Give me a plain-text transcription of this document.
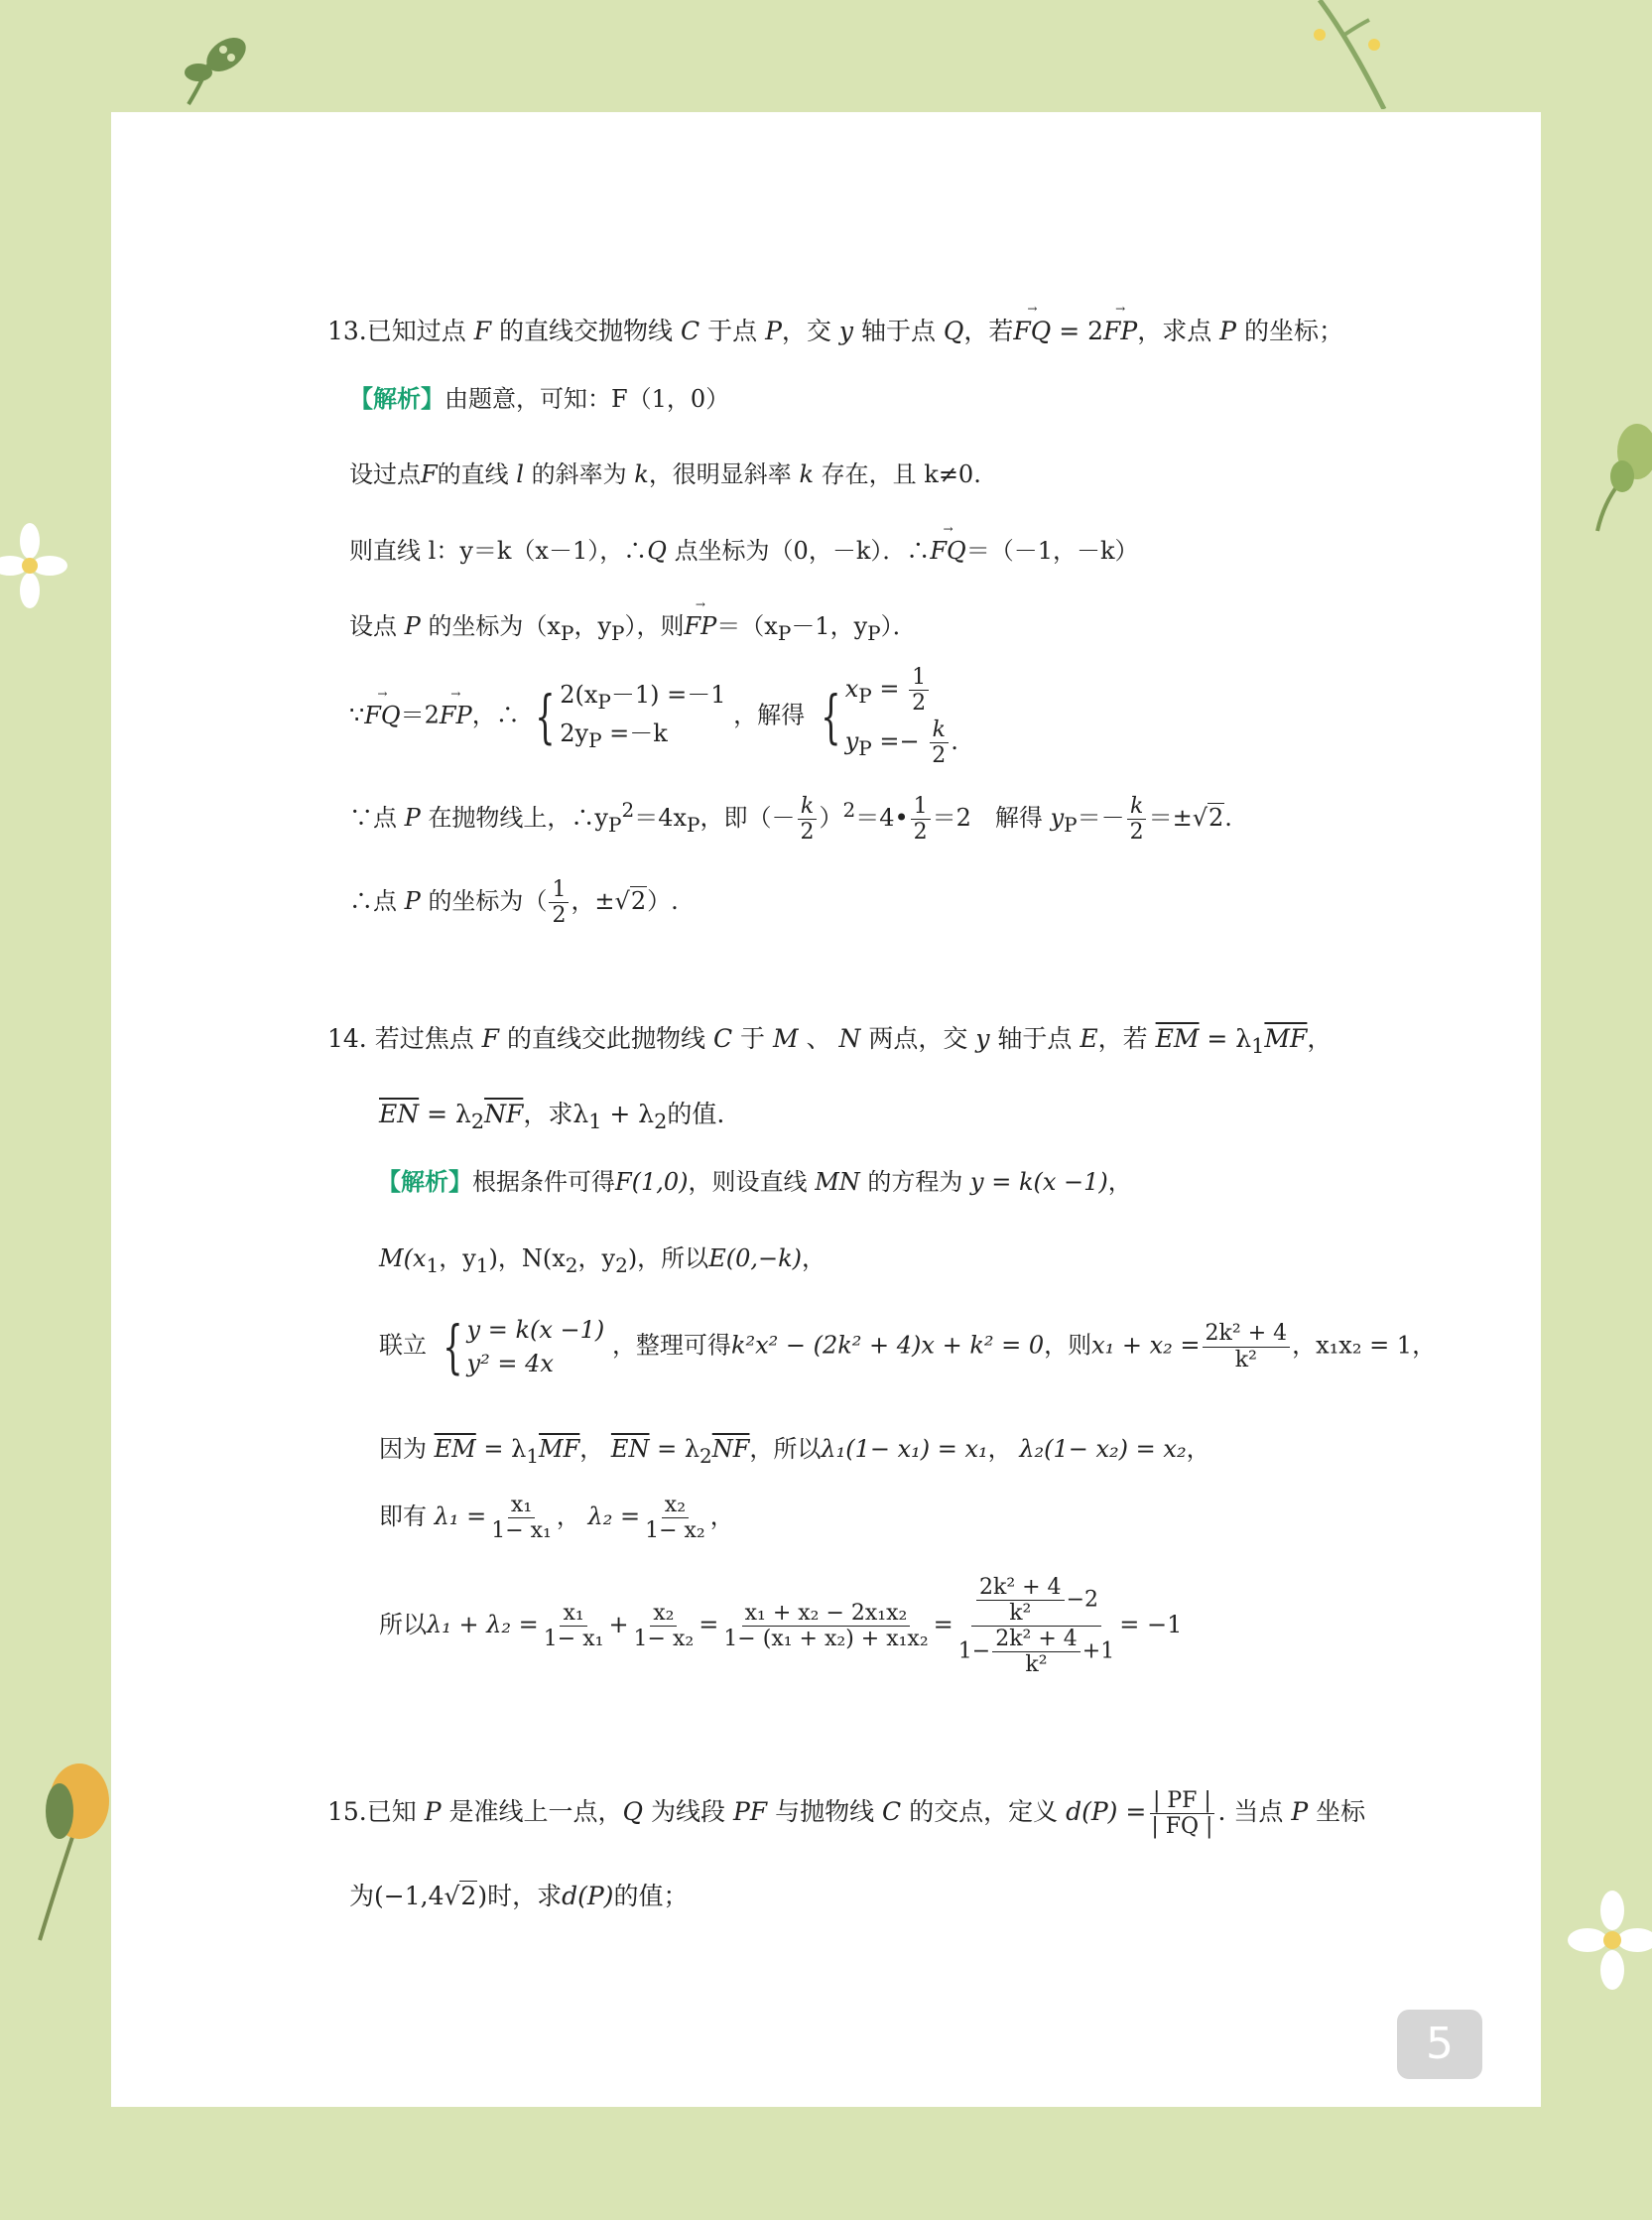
13.已知过点 F 的直线交抛物线 C 于点 P，交 y 轴于点 Q，若→ FQ = 2→ FP，求点 P 的坐标；
【解析】由题意，可知：F（1，0）
设过点F的直线 l 的斜率为 k，很明显斜率 k 存在，且 k≠0.
则直线 l：y＝k（x－1），∴Q 点坐标为（0，－k）．∴→ FQ＝（－1，－k）
设点 P 的坐标为（$x_P$，$y_P$），则→ $FP=(x_P-1$，$y_P$）．
∵→ FQ＝2→ FP，∴ { $2(x_P-1) =-1$
$2y_P =-k$
，解得 { $x_P = \frac{1}{2}$
$y_P =- \frac{k}{2}$ .
∵点 P 在抛物线上，$\therefore y_P^2=4x_P$，即（－ $\frac{k}{2}$ ）$^2$＝4• $\frac{1}{2} =2$　解得 $y_P=- \frac{k}{2} =\pm√2$.
∴点 P 的坐标为（ $\frac{1}{2}$ ，±√2）.
14. 若过焦点 F 的直线交此抛物线 C 于 M 、 N 两点，交 y 轴于点 E，若 $\overline{EM} = \lambda_1\overline{MF}$，
$\overline{EN} = \lambda_2\overline{NF}$，求$\lambda_1 + \lambda_2$的值.
【解析】根据条件可得F(1,0)，则设直线 MN 的方程为 y = k(x −1)，
$M(x_1$，$y_1$)，$N(x_2$，$y_2$)，所以E(0,−k)，
联立 { y = k(x −1)
y² = 4x
，整理可得k²x² − (2k² + 4)x + k² = 0，则$x_1 + x_2 = \frac{\text{2k² + 4}}{\text{k²}}$ ，x₁x₂ = 1，
因为 $\overline{EM} = \lambda_1\overline{MF}$， $\overline{EN} = \lambda_2\overline{NF}$，所以λ₁(1− x₁) = x₁， λ₂(1− x₂) = x₂，
即有 $\lambda_1 = \frac{\text{x₁}}{\text{1− x₁}}$ ， $\lambda_2 = \frac{\text{x₂}}{\text{1− x₂}}$ ，
所以$\lambda_1 + \lambda_2 = \frac{\text{x₁}}{\text{1− x₁}} + \frac{\text{x₂}}{\text{1− x₂}} = \frac{\text{x₁ + x₂ − 2x₁x₂}}{\text{1− (x₁ + x₂) + x₁x₂}} = \frac{\frac{\text{2k² + 4}}{\text{k²}} -2}{1- \frac{\text{2k² + 4}}{\text{k²}} +1} = -1$
15.已知 P 是准线上一点，Q 为线段 PF 与抛物线 C 的交点，定义 $d(P) = \frac{| PF |}{| FQ |}$ . 当点 P 坐标
为(−1,4√2)时，求d(P)的值；
5
